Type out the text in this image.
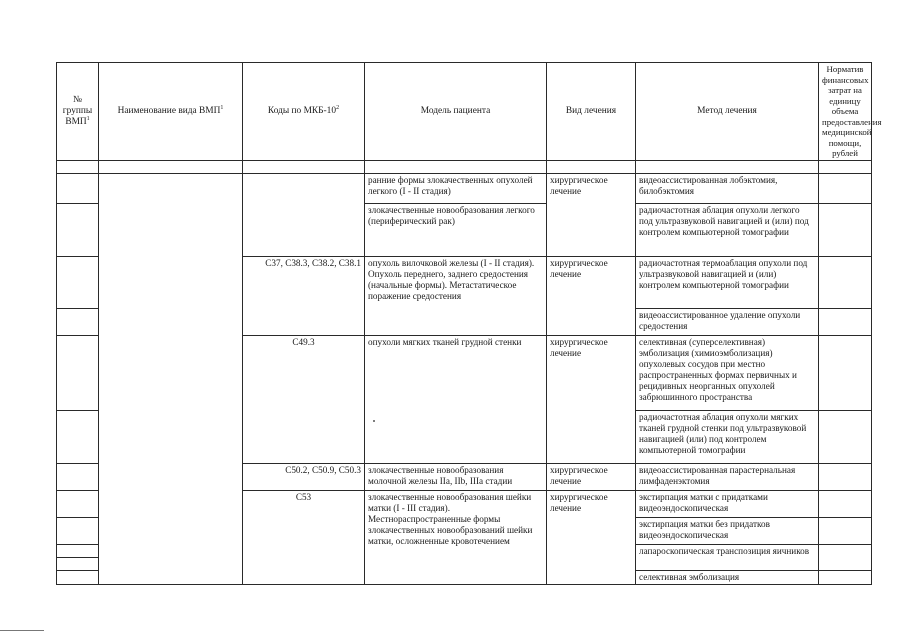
№ группы ВМП$^1$	Наименование вида ВМП$^1$	Коды по МКБ-$10^2$	Модель пациента	Вид лечения	Метод лечения	Норматив финансовых затрат на единицу объема предоставления медицинской помощи, рублей

			ранние формы злокачественных опухолей легкого (I - II стадия)	хирургическое лечение	видеоассистированная лобэктомия, билобэктомия	
			злокачественные новообразования легкого (периферический рак)		радиочастотная аблация опухоли легкого под ультразвуковой навигацией и (или) под контролем компьютерной томографии	
		C37, C38.3, C38.2, C38.1	опухоль вилочковой железы (I - II стадия). Опухоль переднего, заднего средостения (начальные формы). Метастатическое поражение средостения	хирургическое лечение	радиочастотная термоаблация опухоли под ультразвуковой навигацией и (или) контролем компьютерной томографии	
					видеоассистированное удаление опухоли средостения	
		C49.3	опухоли мягких тканей грудной стенки	хирургическое лечение	селективная (суперселективная) эмболизация (химиоэмболизация) опухолевых сосудов при местно распространенных формах первичных и рецидивных неорганных опухолей забрюшинного пространства	
					радиочастотная аблация опухоли мягких тканей грудной стенки под ультразвуковой навигацией (или) под контролем компьютерной томографии	
		C50.2, C50.9, C50.3	злокачественные новообразования молочной железы IIa, IIb, IIIa стадии	хирургическое лечение	видеоассистированная парастернальная лимфаденэктомия	
		C53	злокачественные новообразования шейки матки (I - III стадия). Местнораспространенные формы злокачественных новообразований шейки матки, осложненные кровотечением	хирургическое лечение	экстирпация матки с придатками видеоэндоскопическая	
					экстирпация матки без придатков видеоэндоскопическая	
					лапароскопическая транспозиция яичников	

					селективная эмболизация	
